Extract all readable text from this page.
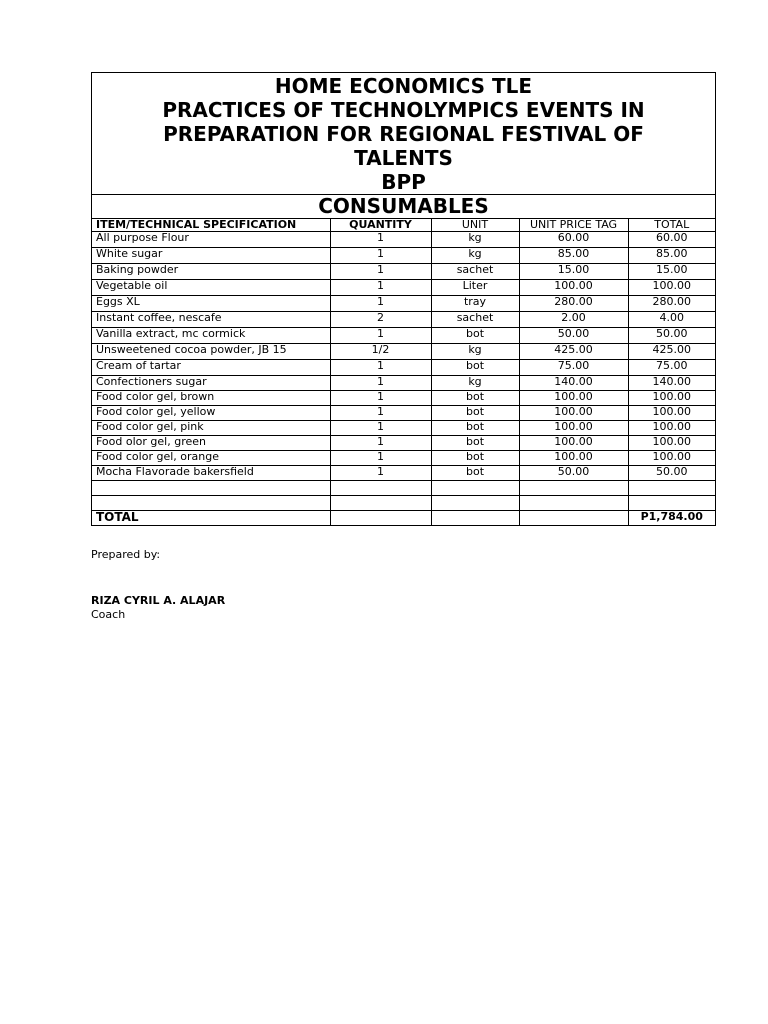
HOME ECONOMICS TLE
PRACTICES OF TECHNOLYMPICS EVENTS IN
PREPARATION FOR REGIONAL FESTIVAL OF
TALENTS
BPP
CONSUMABLES
ITEM/TECHNICAL SPECIFICATION	QUANTITY	UNIT	UNIT PRICE TAG	TOTAL
All purpose Flour	1	kg	60.00	60.00
White sugar	1	kg	85.00	85.00
Baking powder	1	sachet	15.00	15.00
Vegetable oil	1	Liter	100.00	100.00
Eggs XL	1	tray	280.00	280.00
Instant coffee, nescafe	2	sachet	2.00	4.00
Vanilla extract, mc cormick	1	bot	50.00	50.00
Unsweetened cocoa powder, JB 15	1/2	kg	425.00	425.00
Cream of tartar	1	bot	75.00	75.00
Confectioners sugar	1	kg	140.00	140.00
Food color gel, brown	1	bot	100.00	100.00
Food color gel, yellow	1	bot	100.00	100.00
Food color gel, pink	1	bot	100.00	100.00
Food olor gel, green	1	bot	100.00	100.00
Food color gel, orange	1	bot	100.00	100.00
Mocha Flavorade bakersfield	1	bot	50.00	50.00

TOTAL				P1,784.00
Prepared by:
RIZA CYRIL A. ALAJAR
Coach
